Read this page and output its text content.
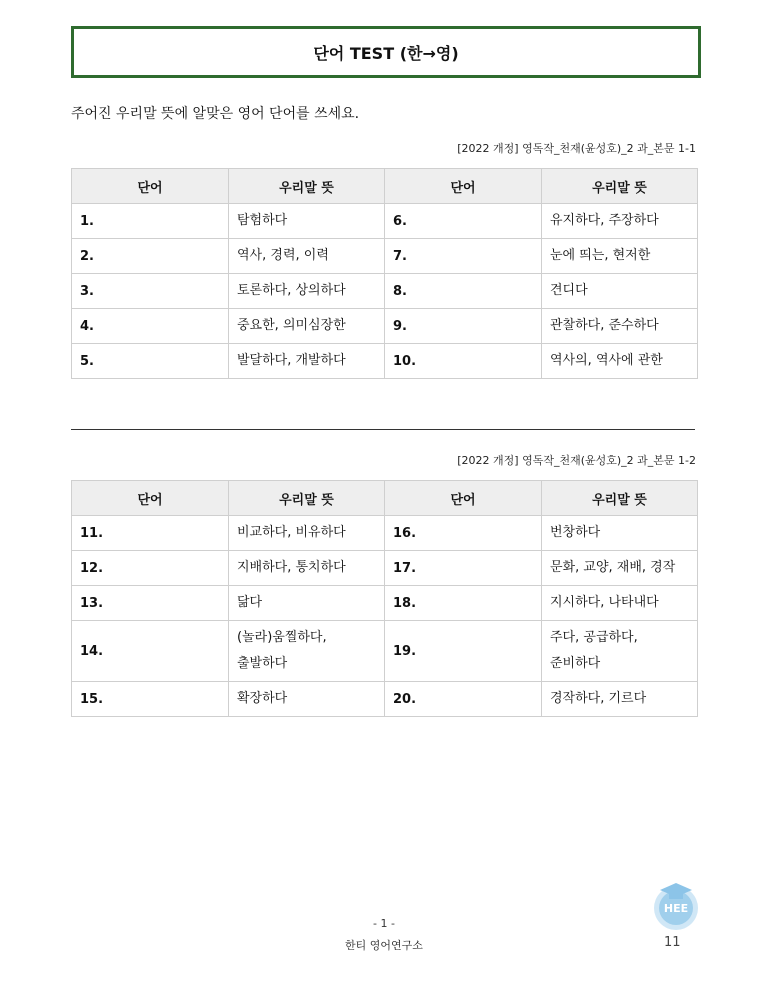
단어 TEST (한→영)
주어진 우리말 뜻에 알맞은 영어 단어를 쓰세요.
[2022 개정] 영독작_천재(윤성호)_2 과_본문 1-1
단어	우리말 뜻	단어	우리말 뜻
1.	탐험하다	6.	유지하다, 주장하다

2.	역사, 경력, 이력	7.	눈에 띄는, 현저한

3.	토론하다, 상의하다	8.	견디다

4.	중요한, 의미심장한	9.	관찰하다, 준수하다

5.	발달하다, 개발하다	10.	역사의, 역사에 관한
[2022 개정] 영독작_천재(윤성호)_2 과_본문 1-2
단어	우리말 뜻	단어	우리말 뜻
11.	비교하다, 비유하다	16.	번창하다

12.	지배하다, 통치하다	17.	문화, 교양, 재배, 경작

13.	닮다	18.	지시하다, 나타내다

14.	(놀라)움찔하다,
출발하다	19.	주다, 공급하다,
준비하다

15.	확장하다	20.	경작하다, 기르다
- 1 -
한티 영어연구소	11
HEE
